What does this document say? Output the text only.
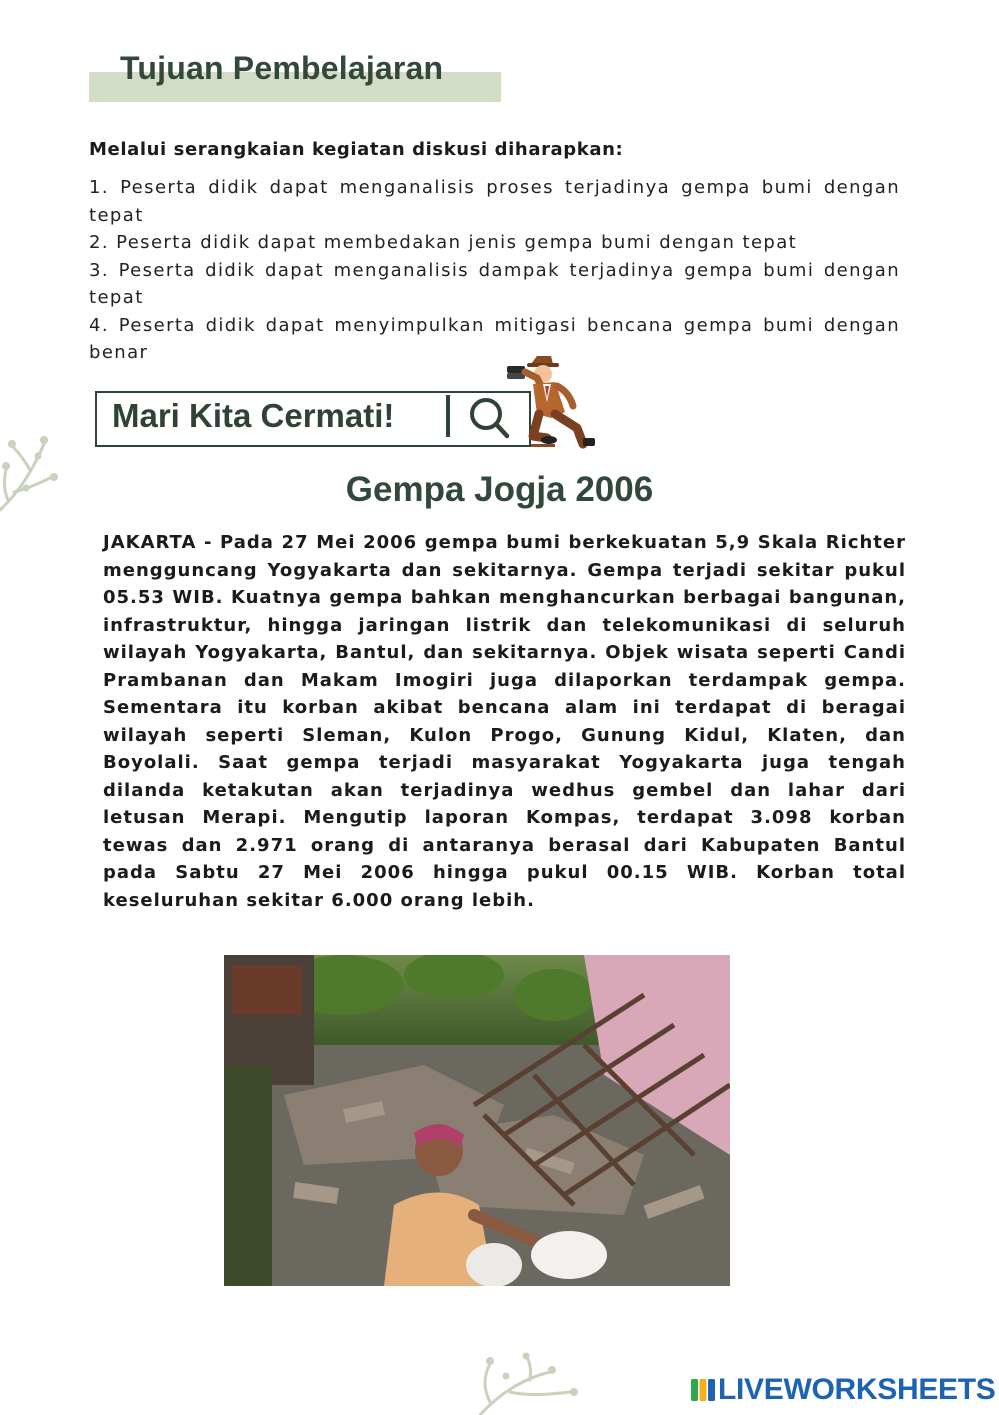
Tujuan Pembelajaran

Melalui serangkaian kegiatan diskusi diharapkan:

1. Peserta didik dapat menganalisis proses terjadinya gempa bumi dengan tepat
2. Peserta didik dapat membedakan jenis gempa bumi dengan tepat
3. Peserta didik dapat menganalisis dampak terjadinya gempa bumi dengan tepat
4. Peserta didik dapat menyimpulkan mitigasi bencana gempa bumi dengan benar
Mari Kita Cermati!
Gempa Jogja 2006

JAKARTA - Pada 27 Mei 2006 gempa bumi berkekuatan 5,9 Skala Richter mengguncang Yogyakarta dan sekitarnya. Gempa terjadi sekitar pukul 05.53 WIB. Kuatnya gempa bahkan menghancurkan berbagai bangunan, infrastruktur, hingga jaringan listrik dan telekomunikasi di seluruh wilayah Yogyakarta, Bantul, dan sekitarnya. Objek wisata seperti Candi Prambanan dan Makam Imogiri juga dilaporkan terdampak gempa. Sementara itu korban akibat bencana alam ini terdapat di beragai wilayah seperti Sleman, Kulon Progo, Gunung Kidul, Klaten, dan Boyolali. Saat gempa terjadi masyarakat Yogyakarta juga tengah dilanda ketakutan akan terjadinya wedhus gembel dan lahar dari letusan Merapi. Mengutip laporan Kompas, terdapat 3.098 korban tewas dan 2.971 orang di antaranya berasal dari Kabupaten Bantul pada Sabtu 27 Mei 2006 hingga pukul 00.15 WIB. Korban total keseluruhan sekitar 6.000 orang lebih.

LIVEWORKSHEETS
